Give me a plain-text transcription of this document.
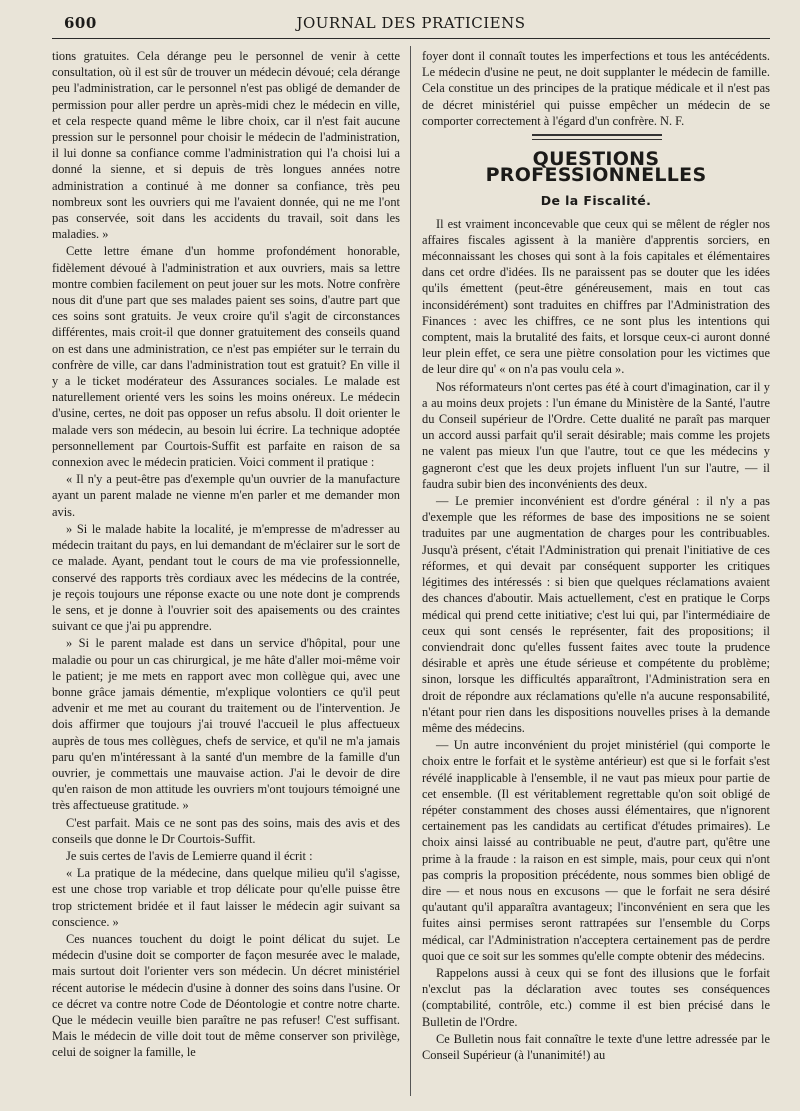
600	JOURNAL DES PRATICIENS

tions gratuites. Cela dérange peu le personnel de venir à cette consultation, où il est sûr de trouver un médecin dévoué; cela dérange peu l'administration, car le personnel n'est pas obligé de demander de permission pour aller perdre un après-midi chez le médecin en ville, et cela respecte quand même le libre choix, car il n'est fait aucune pression sur le personnel pour choisir le médecin de l'administration, il lui donne sa confiance comme l'administration qui l'a choisi lui a donné la sienne, et si depuis de très longues années notre administration a continué à me donner sa confiance, très peu nombreux sont les ouvriers qui me l'avaient donnée, qui ne me l'ont pas conservée, soit dans les accidents du travail, soit dans les maladies. »

Cette lettre émane d'un homme profondément honorable, fidèlement dévoué à l'administration et aux ouvriers, mais sa lettre montre combien facilement on peut jouer sur les mots. Notre confrère nous dit d'une part que ses malades paient ses soins, d'autre part que ces soins sont gratuits. Je veux croire qu'il s'agit de circonstances différentes, mais croit-il que donner gratuitement des conseils quand on est dans une administration, ce n'est pas empiéter sur le terrain du confrère de ville, car dans l'administration tout est gratuit? En ville il y a le ticket modérateur des Assurances sociales. Le malade est naturellement orienté vers les soins les moins onéreux. Le médecin d'usine, certes, ne doit pas opposer un refus absolu. Il doit orienter le malade vers son médecin, au besoin lui écrire. La technique adoptée personnellement par Courtois-Suffit est parfaite en raison de sa connexion avec le médecin praticien. Voici comment il pratique :

« Il n'y a peut-être pas d'exemple qu'un ouvrier de la manufacture ayant un parent malade ne vienne m'en parler et me demander mon avis.

» Si le malade habite la localité, je m'empresse de m'adresser au médecin traitant du pays, en lui demandant de m'éclairer sur le sort de ce malade. Ayant, pendant tout le cours de ma vie professionnelle, conservé des rapports très cordiaux avec les médecins de la contrée, je reçois toujours une réponse exacte ou une note dont je comprends le sens, et je donne à l'ouvrier soit des apaisements ou des craintes suivant ce que j'ai pu apprendre.

» Si le parent malade est dans un service d'hôpital, pour une maladie ou pour un cas chirurgical, je me hâte d'aller moi-même voir le patient; je me mets en rapport avec mon collègue qui, avec une bonne grâce jamais démentie, m'explique volontiers ce qu'il peut advenir et me met au courant du traitement ou de l'intervention. Je dois affirmer que toujours j'ai trouvé l'accueil le plus affectueux auprès de tous mes collègues, chefs de service, et qu'il ne m'a jamais paru qu'en m'intéressant à la santé d'un membre de la famille d'un ouvrier, je commettais une mauvaise action. J'ai le devoir de dire qu'en raison de mon attitude les ouvriers m'ont toujours témoigné une très affectueuse gratitude. »

C'est parfait. Mais ce ne sont pas des soins, mais des avis et des conseils que donne le Dr Courtois-Suffit.

Je suis certes de l'avis de Lemierre quand il écrit :

« La pratique de la médecine, dans quelque milieu qu'il s'agisse, est une chose trop variable et trop délicate pour qu'elle puisse être trop strictement bridée et il faut laisser le médecin agir suivant sa conscience. »

Ces nuances touchent du doigt le point délicat du sujet. Le médecin d'usine doit se comporter de façon mesurée avec le malade, mais surtout doit l'orienter vers son médecin. Un décret ministériel récent autorise le médecin d'usine à donner des soins dans l'usine. Or ce décret va contre notre Code de Déontologie et contre notre charte. Que le médecin veuille bien paraître ne pas refuser! C'est suffisant. Mais le médecin de ville doit tout de même conserver son privilège, celui de soigner la famille, le

foyer dont il connaît toutes les imperfections et tous les antécédents. Le médecin d'usine ne peut, ne doit supplanter le médecin de famille. Cela constitue un des principes de la pratique médicale et il n'est pas de décret ministériel qui puisse empêcher un médecin de se comporter correctement à l'égard d'un confrère. N. F.

QUESTIONS PROFESSIONNELLES
De la Fiscalité.

Il est vraiment inconcevable que ceux qui se mêlent de régler nos affaires fiscales agissent à la manière d'apprentis sorciers, en méconnaissant les choses qui sont à la fois capitales et élémentaires dans cet ordre d'idées. Ils ne paraissent pas se douter que les idées qu'ils émettent (peut-être généreusement, mais en tout cas inconsidérément) sont traduites en chiffres par l'Administration des Finances : avec les chiffres, ce ne sont plus les intentions qui comptent, mais la brutalité des faits, et lorsque ceux-ci auront donné leur plein effet, ce sera une piètre consolation pour les victimes que de leur dire qu' « on n'a pas voulu cela ».

Nos réformateurs n'ont certes pas été à court d'imagination, car il y a au moins deux projets : l'un émane du Ministère de la Santé, l'autre du Conseil supérieur de l'Ordre. Cette dualité ne paraît pas marquer un accord aussi parfait qu'il serait désirable; mais comme les projets ne valent pas mieux l'un que l'autre, tout ce que les médecins y gagneront c'est que les deux projets influent l'un sur l'autre, — il faudra subir bien des inconvénients des deux.

— Le premier inconvénient est d'ordre général : il n'y a pas d'exemple que les réformes de base des impositions ne se soient traduites par une augmentation de charges pour les contribuables. Jusqu'à présent, c'était l'Administration qui prenait l'initiative de ces réformes, et qui devait par conséquent supporter les critiques légitimes des intéressés : si bien que quelques réclamations avaient des chances d'aboutir. Mais actuellement, c'est en pratique le Corps médical qui prend cette initiative; c'est lui qui, par l'intermédiaire de ceux qui sont censés le représenter, fait des propositions; il conviendrait donc qu'elles fussent faites avec toute la prudence désirable et après une étude sérieuse et compétente du problème; sinon, lorsque les difficultés apparaîtront, l'Administration sera en droit de répondre aux réclamations qu'elle n'a aucune responsabilité, n'étant pour rien dans les dispositions nouvelles prises à la demande même des médecins.

— Un autre inconvénient du projet ministériel (qui comporte le choix entre le forfait et le système antérieur) est que si le forfait s'est révélé inapplicable à l'ensemble, il ne vaut pas mieux pour partie de cet ensemble. (Il est véritablement regrettable qu'on soit obligé de répéter constamment des choses aussi élémentaires, que n'ignorent certainement pas les candidats au certificat d'études primaires). Le choix ainsi laissé au contribuable ne peut, d'autre part, qu'être une prime à la fraude : la raison en est simple, mais, pour ceux qui n'ont pas compris la proposition précédente, nous sommes bien obligé de dire — et nous nous en excusons — que le forfait ne sera désiré qu'autant qu'il apparaîtra avantageux; l'inconvénient en sera que les fuites ainsi permises seront rattrapées sur l'ensemble du Corps médical, car l'Administration n'acceptera certainement pas de perdre quoi que ce soit sur les sommes qu'elle compte obtenir des médecins.

Rappelons aussi à ceux qui se font des illusions que le forfait n'exclut pas la déclaration avec toutes ses conséquences (comptabilité, contrôle, etc.) comme il est bien précisé dans le Bulletin de l'Ordre.

Ce Bulletin nous fait connaître le texte d'une lettre adressée par le Conseil Supérieur (à l'unanimité!) au
